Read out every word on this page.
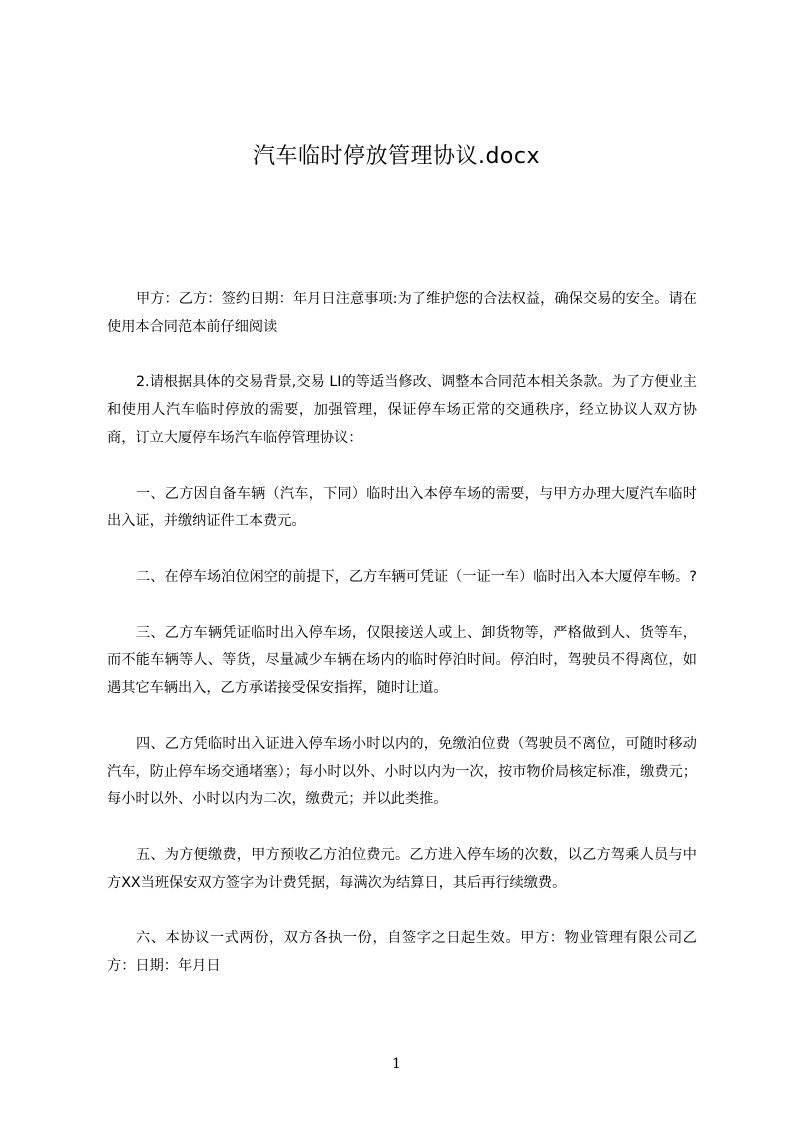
汽车临时停放管理协议.docx

甲方：乙方：签约日期：年月日注意事项:为了维护您的合法权益，确保交易的安全。请在使用本合同范本前仔细阅读

2.请根据具体的交易背景,交易 LI的等适当修改、调整本合同范本相关条款。为了方便业主和使用人汽车临时停放的需要，加强管理，保证停车场正常的交通秩序，经立协议人双方协商，订立大厦停车场汽车临停管理协议：

一、乙方因自备车辆（汽车，下同）临时出入本停车场的需要，与甲方办理大厦汽车临时出入证，并缴纳证件工本费元。

二、在停车场泊位闲空的前提下，乙方车辆可凭证（一证一车）临时出入本大厦停车畅。?

三、乙方车辆凭证临时出入停车场，仅限接送人或上、卸货物等，严格做到人、货等车，而不能车辆等人、等货，尽量减少车辆在场内的临时停泊时间。停泊时，驾驶员不得离位，如遇其它车辆出入，乙方承诺接受保安指挥，随时让道。

四、乙方凭临时出入证进入停车场小时以内的，免缴泊位费（驾驶员不离位，可随时移动汽车，防止停车场交通堵塞）；每小时以外、小时以内为一次，按市物价局核定标准，缴费元；每小时以外、小时以内为二次，缴费元；并以此类推。

五、为方便缴费，甲方预收乙方泊位费元。乙方进入停车场的次数，以乙方驾乘人员与中方XX当班保安双方签字为计费凭据，每满次为结算日，其后再行续缴费。

六、本协议一式两份，双方各执一份，自签字之日起生效。甲方：物业管理有限公司乙方：日期：年月日

1
